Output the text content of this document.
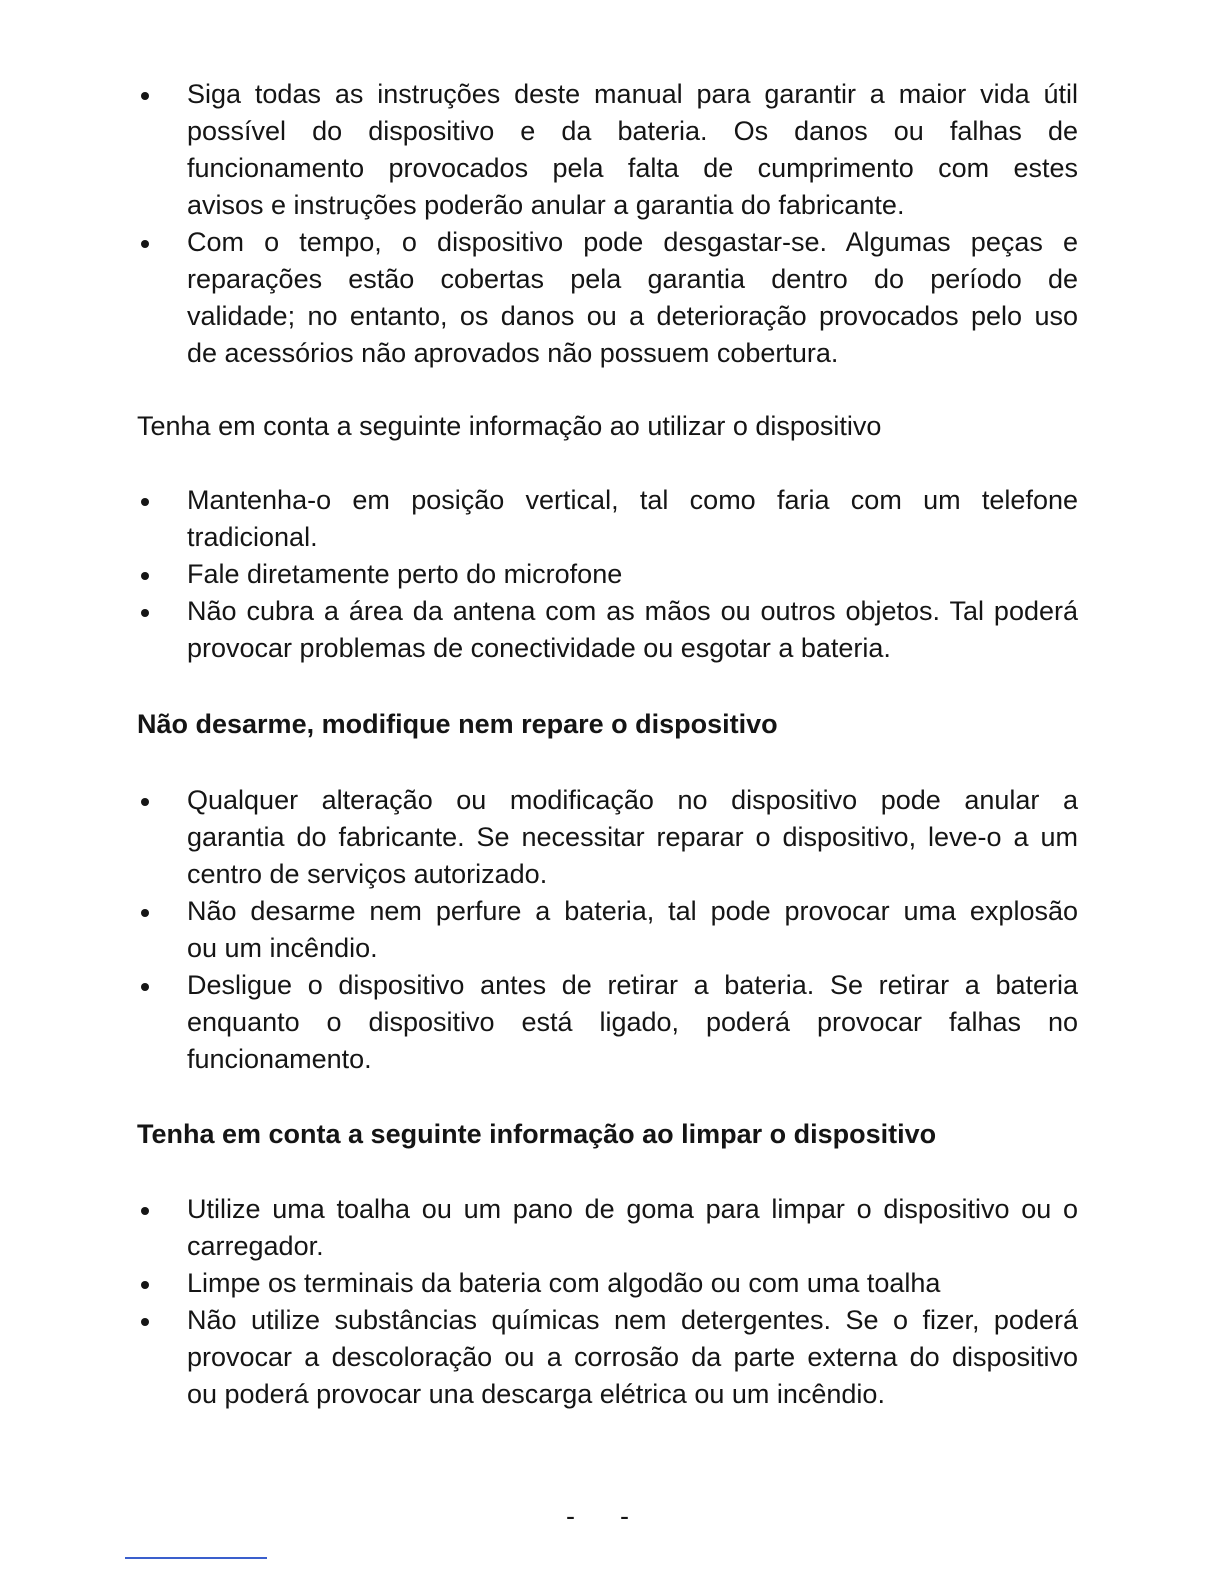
Siga todas as instruções deste manual para garantir a maior vida útil
possível do dispositivo e da bateria. Os danos ou falhas de
funcionamento provocados pela falta de cumprimento com estes
avisos e instruções poderão anular a garantia do fabricante.
Com o tempo, o dispositivo pode desgastar-se. Algumas peças e
reparações estão cobertas pela garantia dentro do período de
validade; no entanto, os danos ou a deterioração provocados pelo uso
de acessórios não aprovados não possuem cobertura.
Tenha em conta a seguinte informação ao utilizar o dispositivo
Mantenha-o em posição vertical, tal como faria com um telefone
tradicional.
Fale diretamente perto do microfone
Não cubra a área da antena com as mãos ou outros objetos. Tal poderá
provocar problemas de conectividade ou esgotar a bateria.
Não desarme, modifique nem repare o dispositivo
Qualquer alteração ou modificação no dispositivo pode anular a
garantia do fabricante. Se necessitar reparar o dispositivo, leve-o a um
centro de serviços autorizado.
Não desarme nem perfure a bateria, tal pode provocar uma explosão
ou um incêndio.
Desligue o dispositivo antes de retirar a bateria. Se retirar a bateria
enquanto o dispositivo está ligado, poderá provocar falhas no
funcionamento.
Tenha em conta a seguinte informação ao limpar o dispositivo
Utilize uma toalha ou um pano de goma para limpar o dispositivo ou o
carregador.
Limpe os terminais da bateria com algodão ou com uma toalha
Não utilize substâncias químicas nem detergentes. Se o fizer, poderá
provocar a descoloração ou a corrosão da parte externa do dispositivo
ou poderá provocar una descarga elétrica ou um incêndio.
- -
